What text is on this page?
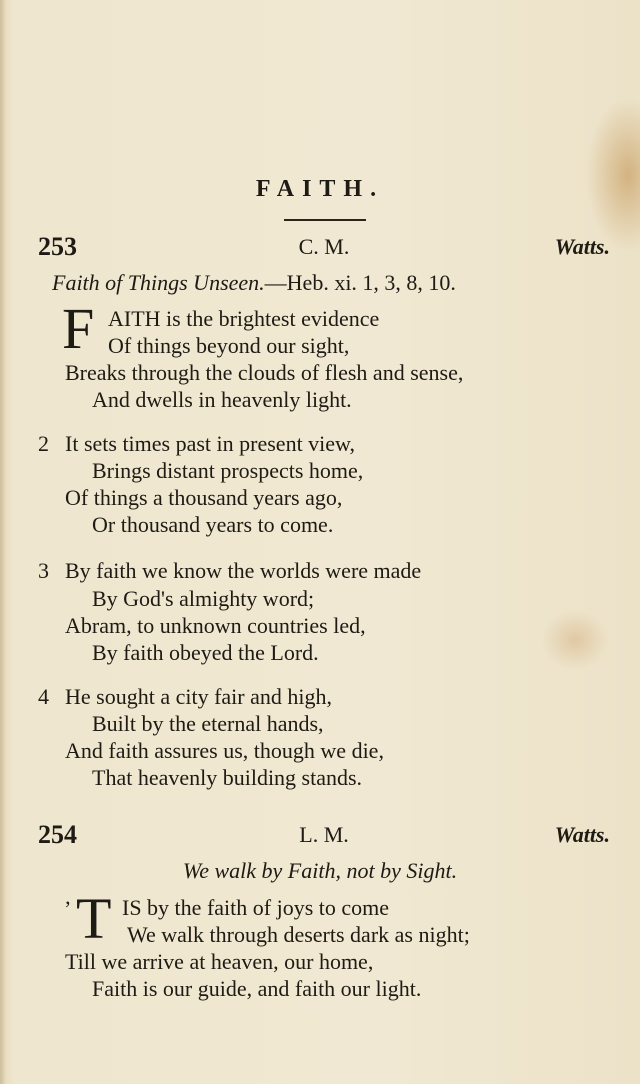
FAITH.
253	C. M.	Watts.
Faith of Things Unseen.—Heb. xi. 1, 3, 8, 10.
F AITH is the brightest evidence
Of things beyond our sight,
Breaks through the clouds of flesh and sense,
And dwells in heavenly light.
2 It sets times past in present view,
Brings distant prospects home,
Of things a thousand years ago,
Or thousand years to come.
3 By faith we know the worlds were made
By God's almighty word;
Abram, to unknown countries led,
By faith obeyed the Lord.
4 He sought a city fair and high,
Built by the eternal hands,
And faith assures us, though we die,
That heavenly building stands.
254	L. M.	Watts.
We walk by Faith, not by Sight.
’ T IS by the faith of joys to come
We walk through deserts dark as night;
Till we arrive at heaven, our home,
Faith is our guide, and faith our light.
